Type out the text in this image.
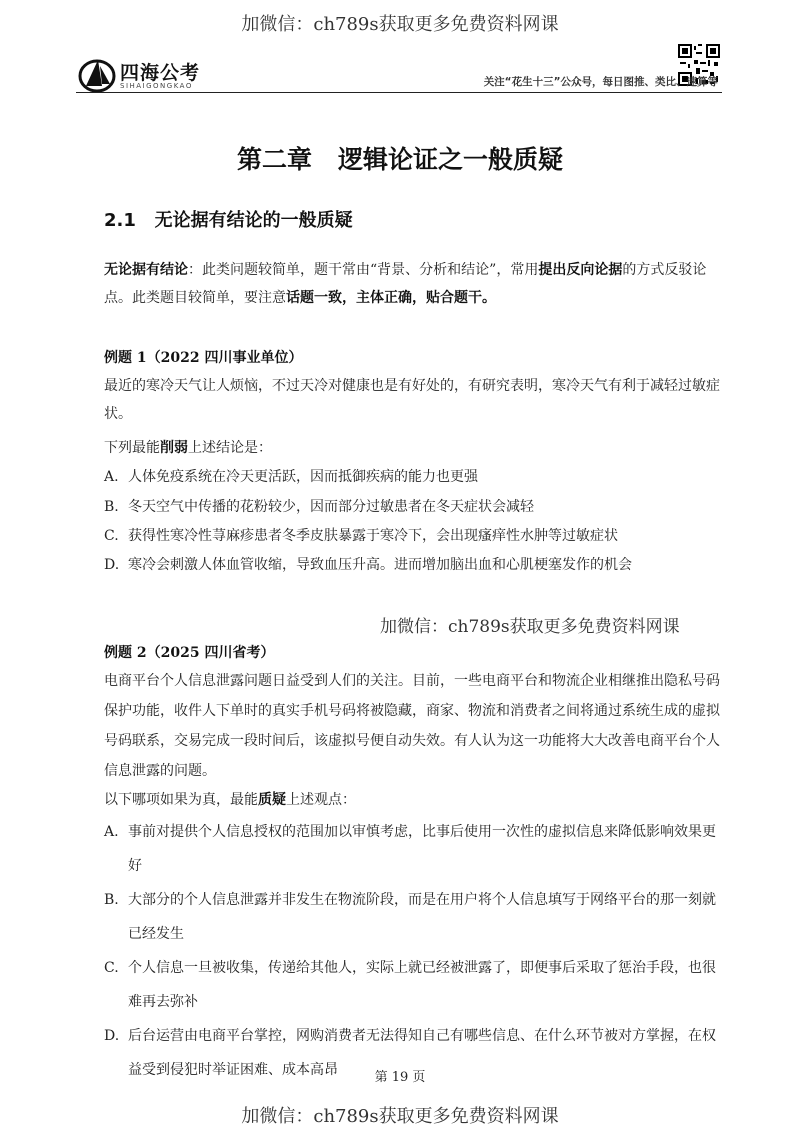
加微信：ch789s获取更多免费资料网课
四海公考
SIHAIGONGKAO	关注“花生十三”公众号，每日图推、类比、速算等
第二章   逻辑论证之一般质疑
2.1   无论据有结论的一般质疑
无论据有结论：此类问题较简单，题干常由“背景、分析和结论”，常用提出反向论据的方式反驳论点。此类题目较简单，要注意话题一致，主体正确，贴合题干。
例题 1（2022 四川事业单位）
最近的寒冷天气让人烦恼，不过天冷对健康也是有好处的，有研究表明，寒冷天气有利于减轻过敏症状。
下列最能削弱上述结论是：
A. 人体免疫系统在冷天更活跃，因而抵御疾病的能力也更强
B. 冬天空气中传播的花粉较少，因而部分过敏患者在冬天症状会减轻
C. 获得性寒冷性荨麻疹患者冬季皮肤暴露于寒冷下，会出现瘙痒性水肿等过敏症状
D. 寒冷会刺激人体血管收缩，导致血压升高。进而增加脑出血和心肌梗塞发作的机会
加微信：ch789s获取更多免费资料网课
例题 2（2025 四川省考）
电商平台个人信息泄露问题日益受到人们的关注。目前，一些电商平台和物流企业相继推出隐私号码保护功能，收件人下单时的真实手机号码将被隐藏，商家、物流和消费者之间将通过系统生成的虚拟号码联系，交易完成一段时间后，该虚拟号便自动失效。有人认为这一功能将大大改善电商平台个人信息泄露的问题。
以下哪项如果为真，最能质疑上述观点：
A. 事前对提供个人信息授权的范围加以审慎考虑，比事后使用一次性的虚拟信息来降低影响效果更好
B. 大部分的个人信息泄露并非发生在物流阶段，而是在用户将个人信息填写于网络平台的那一刻就已经发生
C. 个人信息一旦被收集，传递给其他人，实际上就已经被泄露了，即便事后采取了惩治手段，也很难再去弥补
D. 后台运营由电商平台掌控，网购消费者无法得知自己有哪些信息、在什么环节被对方掌握，在权益受到侵犯时举证困难、成本高昂	第 19 页
加微信：ch789s获取更多免费资料网课
